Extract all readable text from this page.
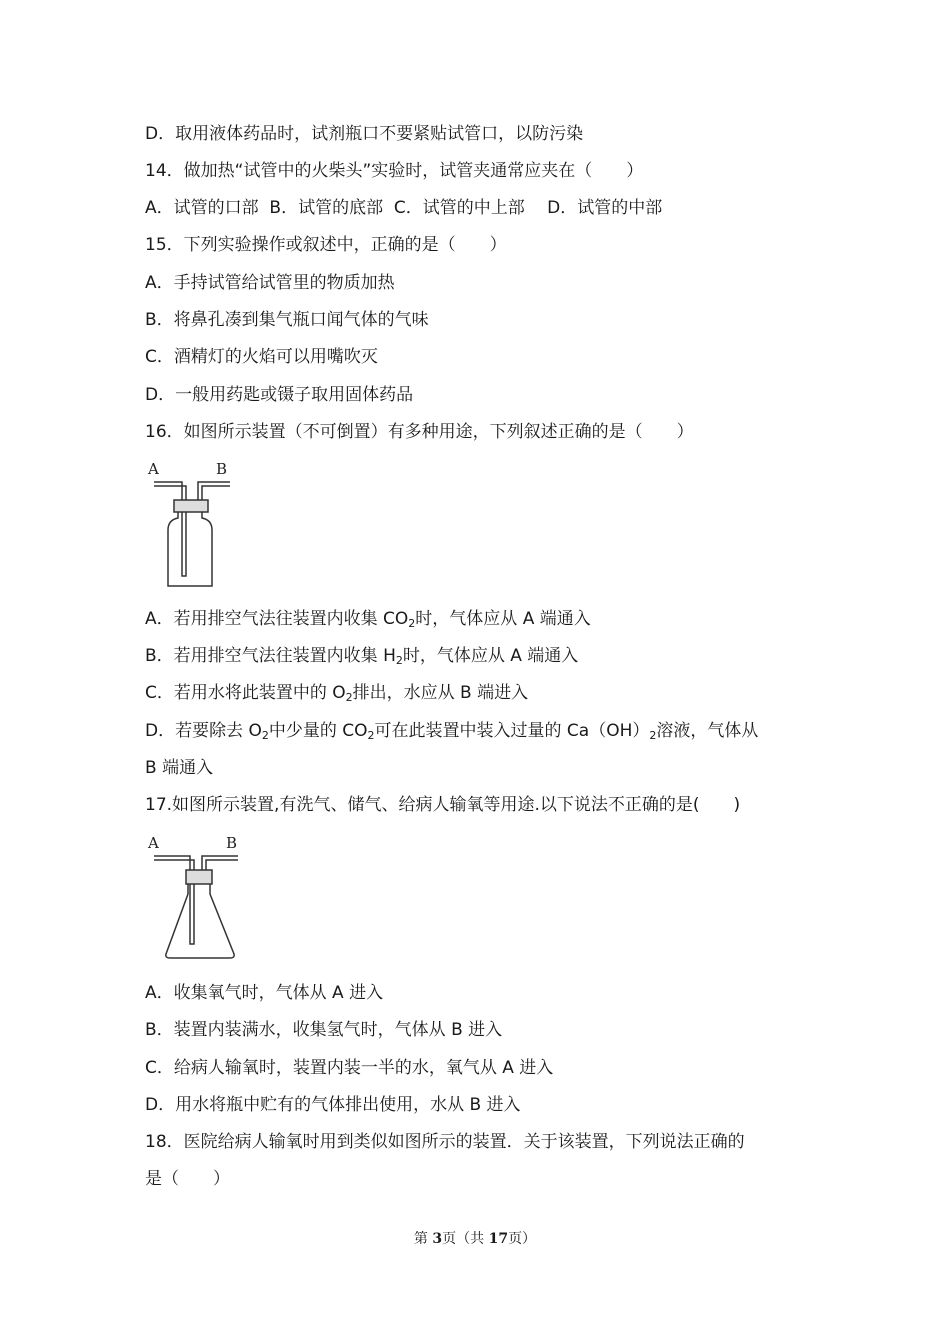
D．取用液体药品时，试剂瓶口不要紧贴试管口，以防污染
14．做加热“试管中的火柴头”实验时，试管夹通常应夹在（　　）
A．试管的口部  B．试管的底部  C．试管的中上部　 D．试管的中部
15．下列实验操作或叙述中，正确的是（　　）
A．手持试管给试管里的物质加热
B．将鼻孔凑到集气瓶口闻气体的气味
C．酒精灯的火焰可以用嘴吹灭
D．一般用药匙或镊子取用固体药品
16．如图所示装置（不可倒置）有多种用途，下列叙述正确的是（　　）
A	B
A．若用排空气法往装置内收集 $CO_2$时，气体应从 A 端通入
B．若用排空气法往装置内收集 $H_2$时，气体应从 A 端通入
C．若用水将此装置中的 $O_2$排出，水应从 B 端进入
D．若要除去 $O_2$中少量的 $CO_2$可在此装置中装入过量的 $Ca(OH)_2$溶液，气体从
B 端通入
17.如图所示装置,有洗气、储气、给病人输氧等用途.以下说法不正确的是(　　)
A	B
A．收集氧气时，气体从 A 进入
B．装置内装满水，收集氢气时，气体从 B 进入
C．给病人输氧时，装置内装一半的水，氧气从 A 进入
D．用水将瓶中贮有的气体排出使用，水从 B 进入
18．医院给病人输氧时用到类似如图所示的装置．关于该装置，下列说法正确的
是（　　）
第 3页（共 17页）
